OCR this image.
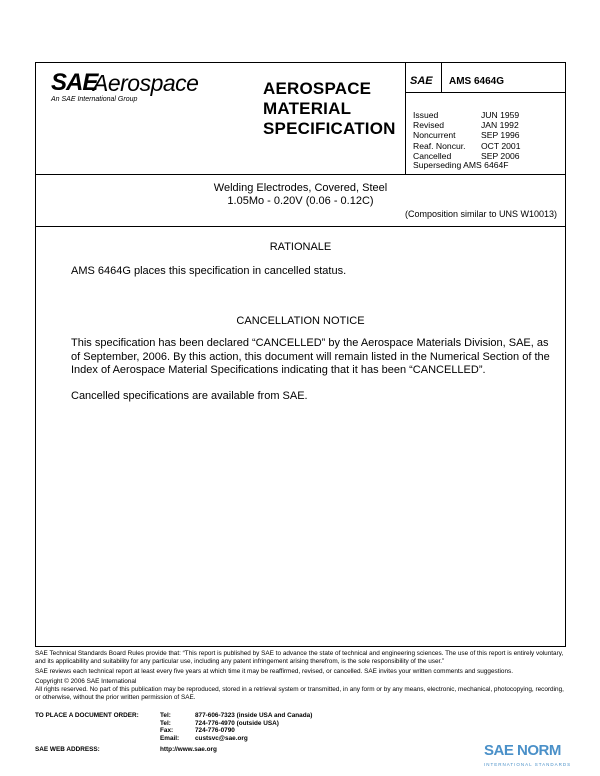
SAE
Aerospace
An SAE International Group
AEROSPACE
MATERIAL
SPECIFICATION
SAE AMS 6464G
Issued	JUN 1959
Revised	JAN 1992
Noncurrent	SEP 1996
Reaf. Noncur.	OCT 2001
Cancelled	SEP 2006
Superseding AMS 6464F
Welding Electrodes, Covered, Steel
1.05Mo - 0.20V (0.06 - 0.12C)
(Composition similar to UNS W10013)
RATIONALE
AMS 6464G places this specification in cancelled status.
CANCELLATION NOTICE
This specification has been declared “CANCELLED” by the Aerospace Materials Division, SAE, as of September, 2006. By this action, this document will remain listed in the Numerical Section of the Index of Aerospace Material Specifications indicating that it has been “CANCELLED”.
Cancelled specifications are available from SAE.

SAE Technical Standards Board Rules provide that: “This report is published by SAE to advance the state of technical and engineering sciences. The use of this report is entirely voluntary, and its applicability and suitability for any particular use, including any patent infringement arising therefrom, is the sole responsibility of the user.”

SAE reviews each technical report at least every five years at which time it may be reaffirmed, revised, or cancelled. SAE invites your written comments and suggestions.

Copyright © 2006 SAE International

All rights reserved. No part of this publication may be reproduced, stored in a retrieval system or transmitted, in any form or by any means, electronic, mechanical, photocopying, recording, or otherwise, without the prior written permission of SAE.

TO PLACE A DOCUMENT ORDER:	Tel:	877-606-7323 (inside USA and Canada)
Tel:	724-776-4970 (outside USA)
Fax:	724-776-0790
Email:	custsvc@sae.org
SAE WEB ADDRESS:	http://www.sae.org	SAE NORM
INTERNATIONAL STANDARDS
